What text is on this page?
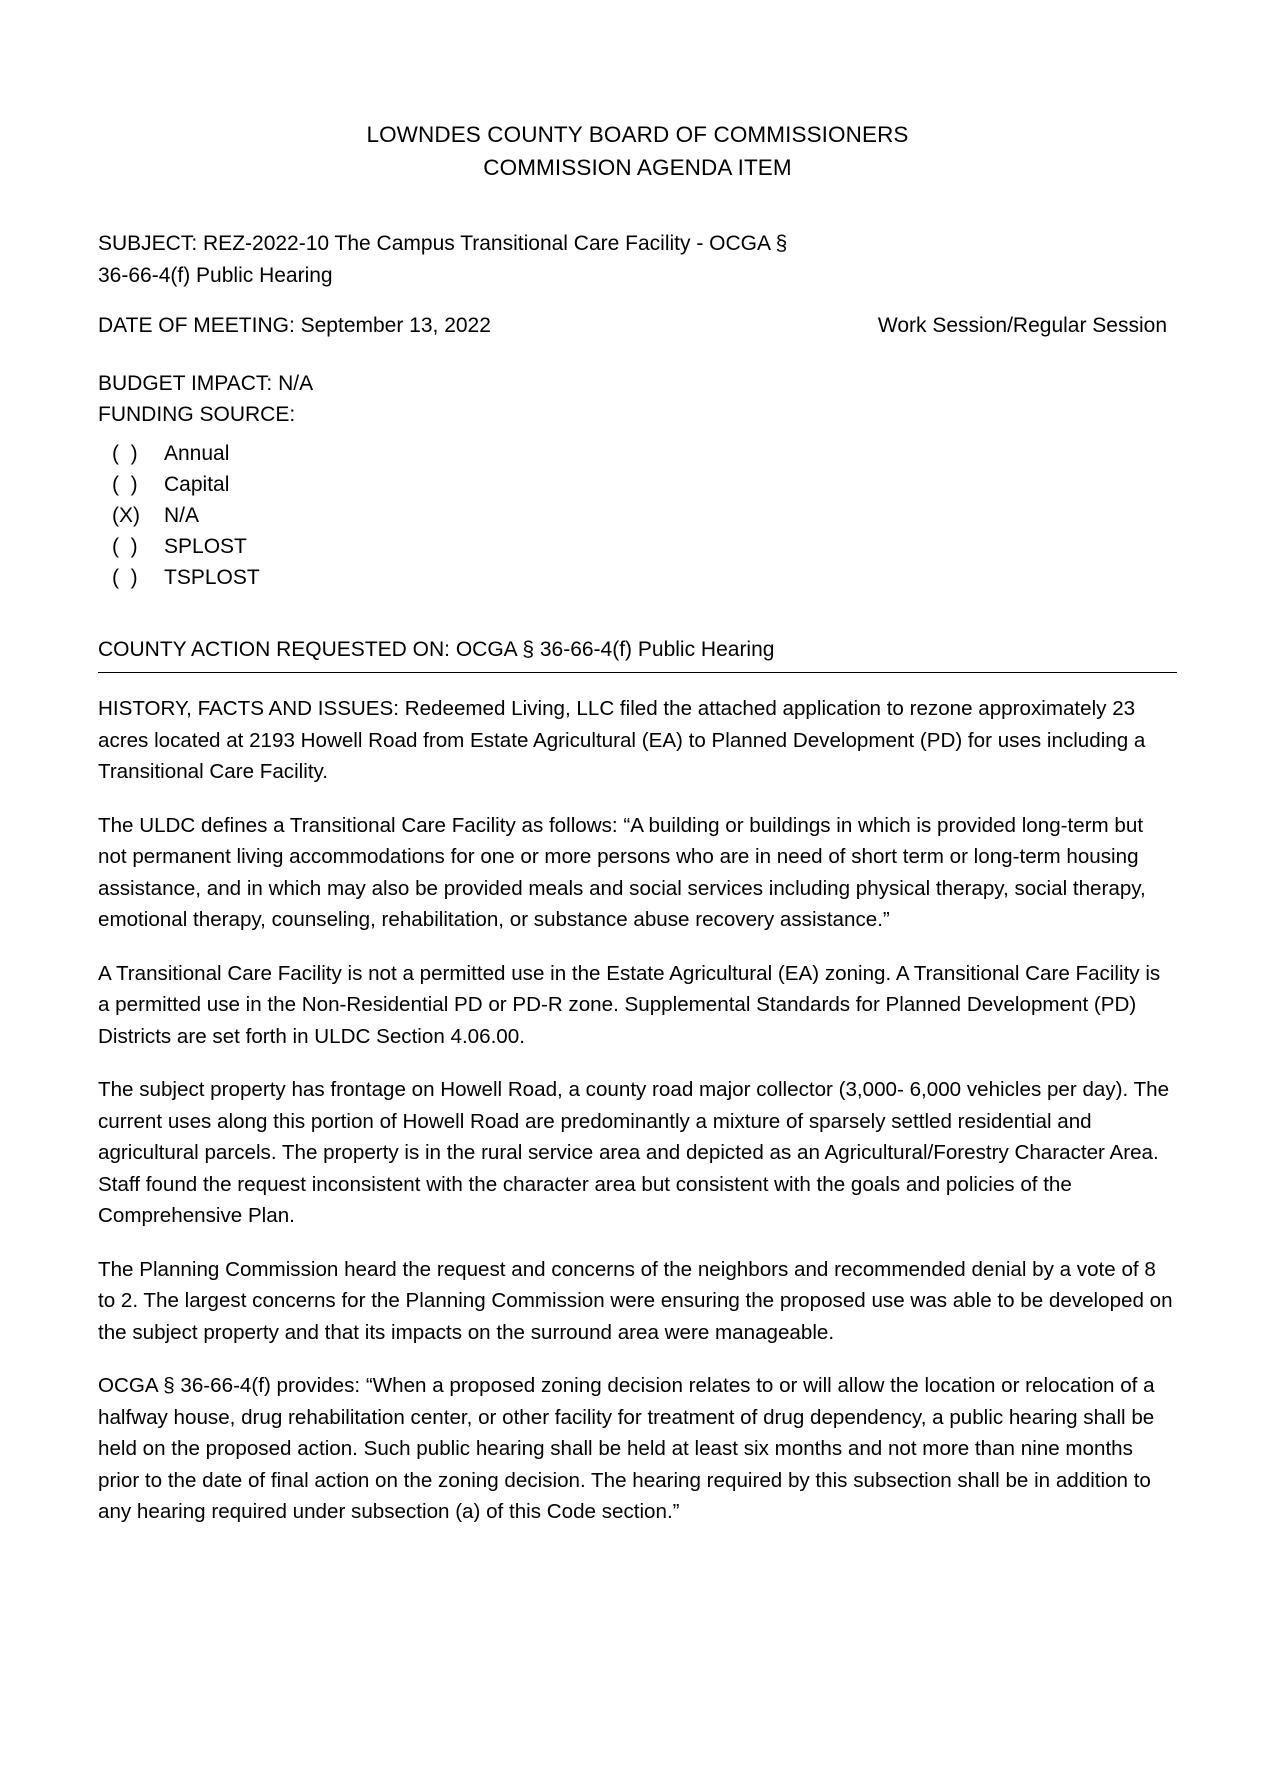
LOWNDES COUNTY BOARD OF COMMISSIONERS
COMMISSION AGENDA ITEM
SUBJECT: REZ-2022-10 The Campus Transitional Care Facility - OCGA §
36-66-4(f) Public Hearing
DATE OF MEETING: September 13, 2022	Work Session/Regular Session
BUDGET IMPACT: N/A
FUNDING SOURCE:
(  )	Annual
(  )	Capital
(X)	N/A
(  )	SPLOST
(  )	TSPLOST
COUNTY ACTION REQUESTED ON: OCGA § 36-66-4(f) Public Hearing

HISTORY, FACTS AND ISSUES: Redeemed Living, LLC filed the attached application to rezone approximately 23 acres located at 2193 Howell Road from Estate Agricultural (EA) to Planned Development (PD) for uses including a Transitional Care Facility.

The ULDC defines a Transitional Care Facility as follows: “A building or buildings in which is provided long-term but not permanent living accommodations for one or more persons who are in need of short term or long-term housing assistance, and in which may also be provided meals and social services including physical therapy, social therapy, emotional therapy, counseling, rehabilitation, or substance abuse recovery assistance.”

A Transitional Care Facility is not a permitted use in the Estate Agricultural (EA) zoning. A Transitional Care Facility is a permitted use in the Non-Residential PD or PD-R zone. Supplemental Standards for Planned Development (PD) Districts are set forth in ULDC Section 4.06.00.

The subject property has frontage on Howell Road, a county road major collector (3,000- 6,000 vehicles per day). The current uses along this portion of Howell Road are predominantly a mixture of sparsely settled residential and agricultural parcels. The property is in the rural service area and depicted as an Agricultural/Forestry Character Area. Staff found the request inconsistent with the character area but consistent with the goals and policies of the Comprehensive Plan.

The Planning Commission heard the request and concerns of the neighbors and recommended denial by a vote of 8 to 2. The largest concerns for the Planning Commission were ensuring the proposed use was able to be developed on the subject property and that its impacts on the surround area were manageable.

OCGA § 36-66-4(f) provides: “When a proposed zoning decision relates to or will allow the location or relocation of a halfway house, drug rehabilitation center, or other facility for treatment of drug dependency, a public hearing shall be held on the proposed action. Such public hearing shall be held at least six months and not more than nine months prior to the date of final action on the zoning decision. The hearing required by this subsection shall be in addition to any hearing required under subsection (a) of this Code section.”
